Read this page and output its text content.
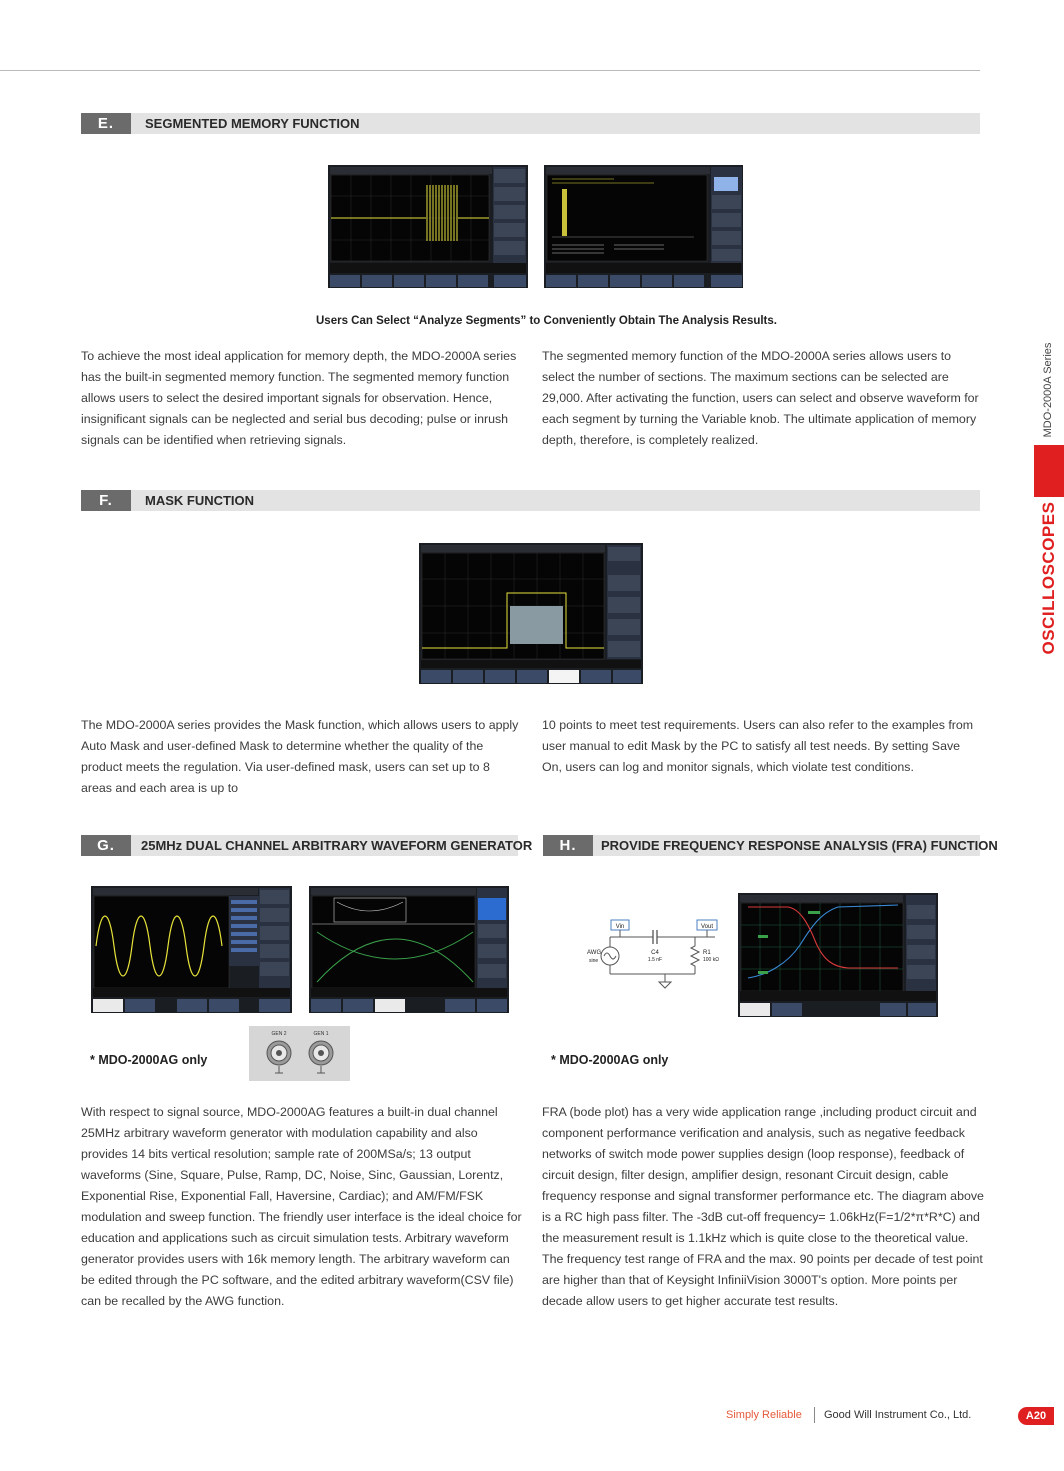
E.	SEGMENTED MEMORY FUNCTION
Users Can Select “Analyze Segments” to Conveniently Obtain The Analysis Results.
To achieve the most ideal application for memory depth, the MDO-2000A series has the built-in segmented memory function. The segmented memory function allows users to select the desired important signals for observation. Hence, insignificant signals can be neglected and serial bus decoding; pulse or inrush signals can be identified when retrieving signals.
The segmented memory function of the MDO-2000A series allows users to select the number of sections. The maximum sections can be selected are 29,000. After activating the function, users can select and observe waveform for each segment by turning the Variable knob. The ultimate application of memory depth, therefore, is completely realized.
F.	MASK FUNCTION
The MDO-2000A series provides the Mask function, which allows users to apply Auto Mask and user-defined Mask to determine whether the quality of the product meets the regulation. Via user-defined mask, users can set up to 8 areas and each area is up to
10 points to meet test requirements. Users can also refer to the examples from user manual to edit Mask by the PC to satisfy all test needs. By setting Save On, users can log and monitor signals, which violate test conditions.
G.	25MHz DUAL CHANNEL ARBITRARY WAVEFORM GENERATOR
* MDO-2000AG only
GEN 2	GEN 1
With respect to signal source, MDO-2000AG features a built-in dual channel 25MHz arbitrary waveform generator with modulation capability and also provides 14 bits vertical resolution; sample rate of 200MSa/s; 13 output waveforms (Sine, Square, Pulse, Ramp, DC, Noise, Sinc, Gaussian, Lorentz, Exponential Rise, Exponential Fall, Haversine, Cardiac); and AM/FM/FSK modulation and sweep function. The friendly user interface is the ideal choice for education and applications such as circuit simulation tests. Arbitrary waveform generator provides users with 16k memory length. The arbitrary waveform can be edited through the PC software, and the edited arbitrary waveform(CSV file) can be recalled by the AWG function.
H.	PROVIDE FREQUENCY RESPONSE ANALYSIS (FRA) FUNCTION
Vin	Vout
AWG
sine
C4
1.5 nF
R1
100 kΩ
* MDO-2000AG only
FRA (bode plot) has a very wide application range ,including product circuit and component performance verification and analysis, such as negative feedback networks of switch mode power supplies design (loop response), feedback of circuit design, filter design, amplifier design, resonant Circuit design, cable frequency response and signal transformer performance etc. The diagram above is a RC high pass filter. The -3dB cut-off frequency= 1.06kHz(F=1/2*π*R*C) and the measurement result is 1.1kHz which is quite close to the theoretical value. The frequency test range of FRA and the max. 90 points per decade of test point are higher than that of Keysight InfiniiVision 3000T's option. More points per decade allow users to get higher accurate test results.
MDO-2000A Series
OSCILLOSCOPES
Simply Reliable Good Will Instrument Co., Ltd.	A20
